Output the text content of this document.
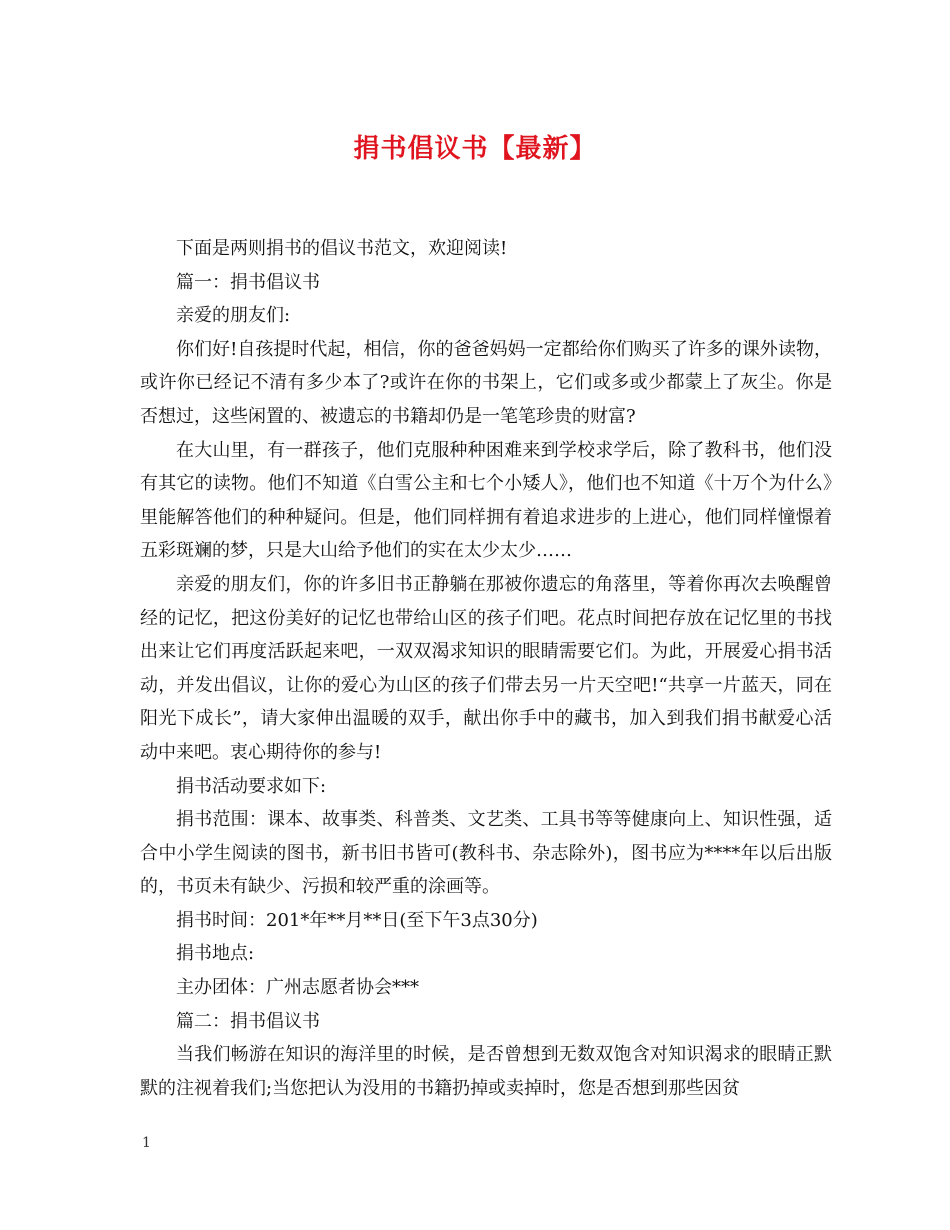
捐书倡议书【最新】

下面是两则捐书的倡议书范文，欢迎阅读!

篇一：捐书倡议书

亲爱的朋友们:

你们好!自孩提时代起，相信，你的爸爸妈妈一定都给你们购买了许多的课外读物，或许你已经记不清有多少本了?或许在你的书架上，它们或多或少都蒙上了灰尘。你是否想过，这些闲置的、被遗忘的书籍却仍是一笔笔珍贵的财富?

在大山里，有一群孩子，他们克服种种困难来到学校求学后，除了教科书，他们没有其它的读物。他们不知道《白雪公主和七个小矮人》，他们也不知道《十万个为什么》里能解答他们的种种疑问。但是，他们同样拥有着追求进步的上进心，他们同样憧憬着五彩斑斓的梦，只是大山给予他们的实在太少太少……

亲爱的朋友们，你的许多旧书正静躺在那被你遗忘的角落里，等着你再次去唤醒曾经的记忆，把这份美好的记忆也带给山区的孩子们吧。花点时间把存放在记忆里的书找出来让它们再度活跃起来吧，一双双渴求知识的眼睛需要它们。为此，开展爱心捐书活动，并发出倡议，让你的爱心为山区的孩子们带去另一片天空吧!“共享一片蓝天，同在阳光下成长”，请大家伸出温暖的双手，献出你手中的藏书，加入到我们捐书献爱心活动中来吧。衷心期待你的参与!

捐书活动要求如下:

捐书范围：课本、故事类、科普类、文艺类、工具书等等健康向上、知识性强，适合中小学生阅读的图书，新书旧书皆可(教科书、杂志除外)，图书应为****年以后出版的，书页未有缺少、污损和较严重的涂画等。

捐书时间：201*年**月**日(至下午3点30分)

捐书地点:

主办团体：广州志愿者协会***

篇二：捐书倡议书

当我们畅游在知识的海洋里的时候，是否曾想到无数双饱含对知识渴求的眼睛正默默的注视着我们;当您把认为没用的书籍扔掉或卖掉时，您是否想到那些因贫

1
